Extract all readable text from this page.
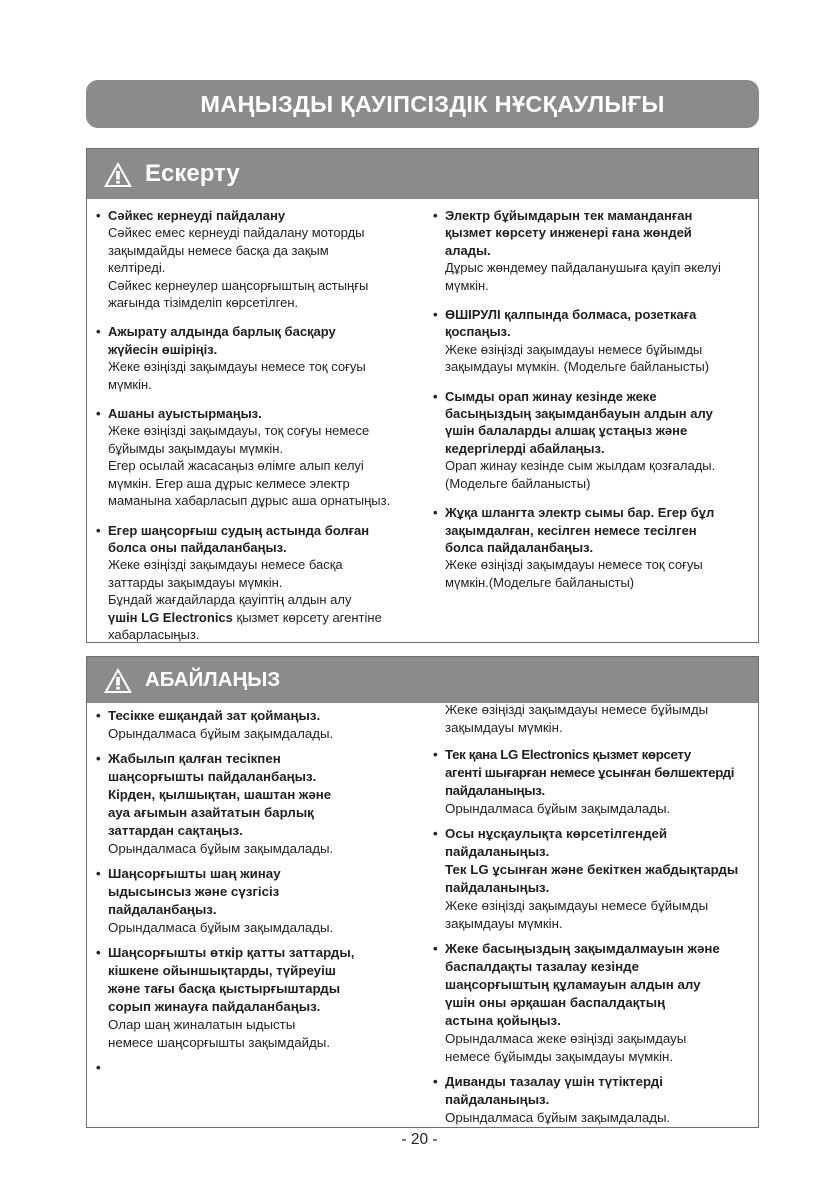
МАҢЫЗДЫ ҚАУІПСІЗДІК НҰСҚАУЛЫҒЫ
Ескерту
• Сәйкес кернеуді пайдалану
Сәйкес емес кернеуді пайдалану моторды
зақымдайды немесе басқа да зақым
келтіреді.
Сәйкес кернеулер шаңсорғыштың астыңғы
жағында тізімделіп көрсетілген.
• Ажырату алдында барлық басқару
жүйесін өшіріңіз.
Жеке өзіңізді зақымдауы немесе тоқ соғуы
мүмкін.
• Ашаны ауыстырмаңыз.
Жеке өзіңізді зақымдауы, тоқ соғуы немесе
бұйымды зақымдауы мүмкін.
Егер осылай жасасаңыз өлімге алып келуі
мүмкін. Егер аша дұрыс келмесе электр
маманына хабарласып дұрыс аша орнатыңыз.
• Егер шаңсорғыш судың астында болған
болса оны пайдаланбаңыз.
Жеке өзіңізді зақымдауы немесе басқа
заттарды зақымдауы мүмкін.
Бұндай жағдайларда қауіптің алдын алу
үшін LG Electronics қызмет көрсету агентіне
хабарласыңыз.
• Электр бұйымдарын тек маманданған
қызмет көрсету инженері ғана жөндей
алады.
Дұрыс жөндемеу пайдаланушыға қауіп әкелуі
мүмкін.
• ӨШІРУЛІ қалпында болмаса, розеткаға
қоспаңыз.
Жеке өзіңізді зақымдауы немесе бұйымды
зақымдауы мүмкін. (Модельге байланысты)
• Сымды орап жинау кезінде жеке
басыңыздың зақымданбауын алдын алу
үшін балаларды алшақ ұстаңыз және
кедергілерді абайлаңыз.
Орап жинау кезінде сым жылдам қозғалады.
(Модельге байланысты)
• Жұқа шлангта электр сымы бар. Егер бұл
зақымдалған, кесілген немесе тесілген
болса пайдаланбаңыз.
Жеке өзіңізді зақымдауы немесе тоқ соғуы
мүмкін.(Модельге байланысты)
АБАЙЛАҢЫЗ
• Тесікке ешқандай зат қоймаңыз.
Орындалмаса бұйым зақымдалады.
• Жабылып қалған тесікпен
шаңсорғышты пайдаланбаңыз.
Кірден, қылшықтан, шаштан және
ауа ағымын азайтатын барлық
заттардан сақтаңыз.
Орындалмаса бұйым зақымдалады.
• Шаңсорғышты шаң жинау
ыдысынсыз және сүзгісіз
пайдаланбаңыз.
Орындалмаса бұйым зақымдалады.
• Шаңсорғышты өткір қатты заттарды,
кішкене ойыншықтарды, түйреуіш
және тағы басқа қыстырғыштарды
сорып жинауға пайдаланбаңыз.
Олар шаң жиналатын ыдысты
немесе шаңсорғышты зақымдайды.
•
Жеке өзіңізді зақымдауы немесе бұйымды
зақымдауы мүмкін.
• Тек қана LG Electronics қызмет көрсету
агенті шығарған немесе ұсынған бөлшектерді
пайдаланыңыз.
Орындалмаса бұйым зақымдалады.
• Осы нұсқаулықта көрсетілгендей
пайдаланыңыз.
Тек LG ұсынған және бекіткен жабдықтарды
пайдаланыңыз.
Жеке өзіңізді зақымдауы немесе бұйымды
зақымдауы мүмкін.
• Жеке басыңыздың зақымдалмауын және
баспалдақты тазалау кезінде
шаңсорғыштың құламауын алдын алу
үшін оны әрқашан баспалдақтың
астына қойыңыз.
Орындалмаса жеке өзіңізді зақымдауы
немесе бұйымды зақымдауы мүмкін.
• Диванды тазалау үшін түтіктерді
пайдаланыңыз.
Орындалмаса бұйым зақымдалады.
- 20 -
